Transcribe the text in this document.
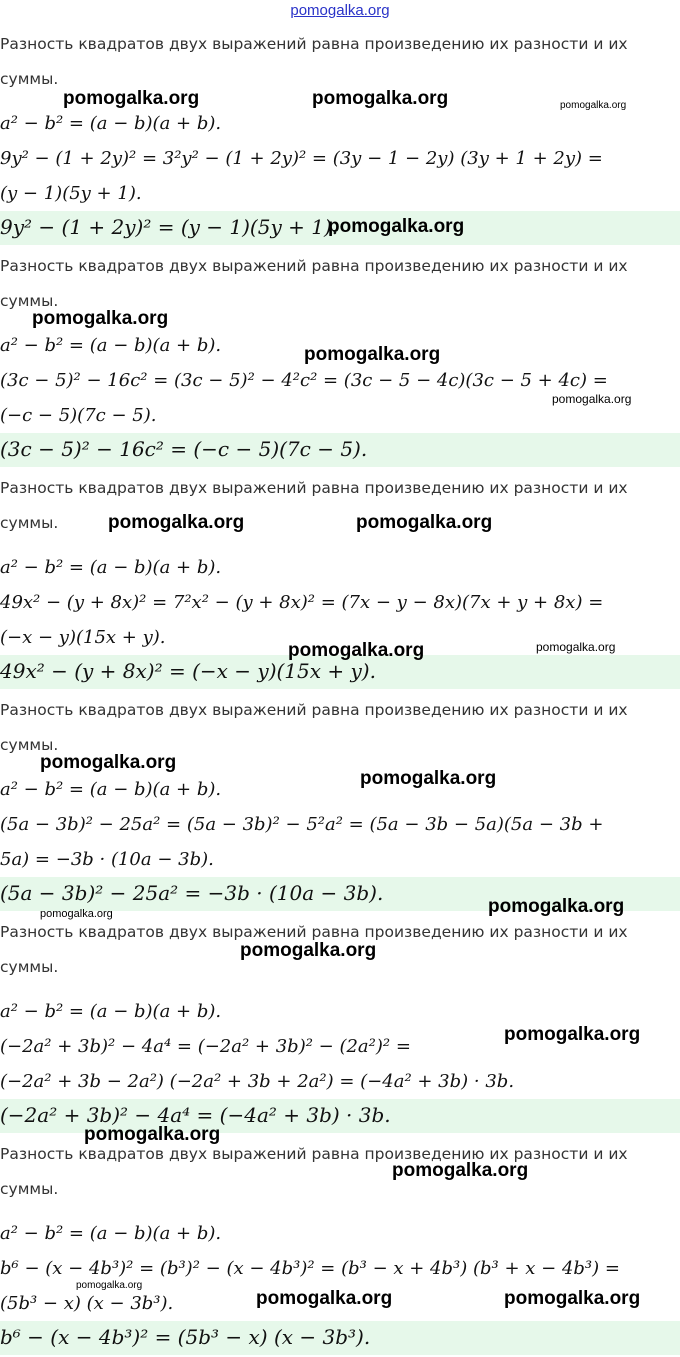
pomogalka.org
Разность квадратов двух выражений равна произведению их разности и их
суммы.
a² − b² = (a − b)(a + b).
9y² − (1 + 2y)² = 3²y² − (1 + 2y)² = (3y − 1 − 2y) (3y + 1 + 2y) =
(y − 1)(5y + 1).
9y² − (1 + 2y)² = (y − 1)(5y + 1).
Разность квадратов двух выражений равна произведению их разности и их
суммы.
a² − b² = (a − b)(a + b).
(3c − 5)² − 16c² = (3c − 5)² − 4²c² = (3c − 5 − 4c)(3c − 5 + 4c) =
(−c − 5)(7c − 5).
(3c − 5)² − 16c² = (−c − 5)(7c − 5).
Разность квадратов двух выражений равна произведению их разности и их
суммы.
a² − b² = (a − b)(a + b).
49x² − (y + 8x)² = 7²x² − (y + 8x)² = (7x − y − 8x)(7x + y + 8x) =
(−x − y)(15x + y).
49x² − (y + 8x)² = (−x − y)(15x + y).
Разность квадратов двух выражений равна произведению их разности и их
суммы.
a² − b² = (a − b)(a + b).
(5a − 3b)² − 25a² = (5a − 3b)² − 5²a² = (5a − 3b − 5a)(5a − 3b +
5a) = −3b · (10a − 3b).
(5a − 3b)² − 25a² = −3b · (10a − 3b).
Разность квадратов двух выражений равна произведению их разности и их
суммы.
a² − b² = (a − b)(a + b).
(−2a² + 3b)² − 4a⁴ = (−2a² + 3b)² − (2a²)² =
(−2a² + 3b − 2a²) (−2a² + 3b + 2a²) = (−4a² + 3b) · 3b.
(−2a² + 3b)² − 4a⁴ = (−4a² + 3b) · 3b.
Разность квадратов двух выражений равна произведению их разности и их
суммы.
a² − b² = (a − b)(a + b).
b⁶ − (x − 4b³)² = (b³)² − (x − 4b³)² = (b³ − x + 4b³) (b³ + x − 4b³) =
(5b³ − x) (x − 3b³).
b⁶ − (x − 4b³)² = (5b³ − x) (x − 3b³).
pomogalka.org	pomogalka.org	pomogalka.org
pomogalka.org
pomogalka.org
pomogalka.org
pomogalka.org
pomogalka.org	pomogalka.org
pomogalka.org	pomogalka.org
pomogalka.org
pomogalka.org
pomogalka.org	pomogalka.org
pomogalka.org
pomogalka.org
pomogalka.org
pomogalka.org
pomogalka.org
pomogalka.org	pomogalka.org
